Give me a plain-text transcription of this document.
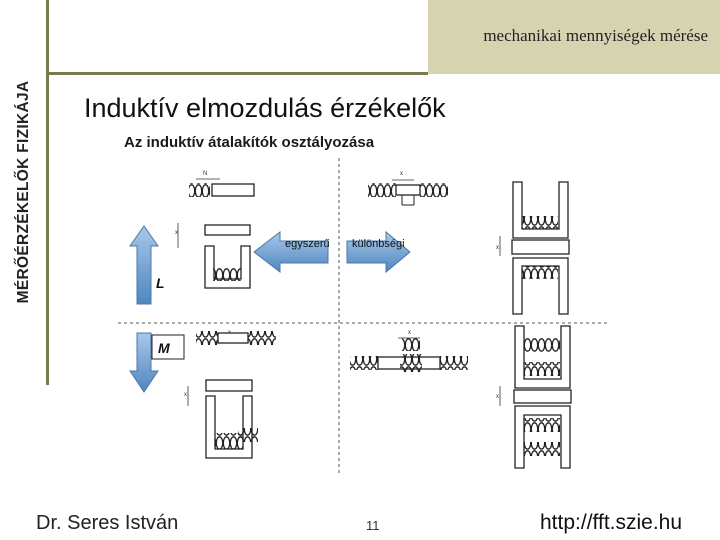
MÉRŐÉRZÉKELŐK FIZIKÁJA
mechanikai mennyiségek mérése
Induktív elmozdulás érzékelők
Az induktív átalakítók osztályozása
N
x
L
M
egyszerű különbségi
x
x
x
x
x
Dr. Seres István	11	http://fft.szie.hu
